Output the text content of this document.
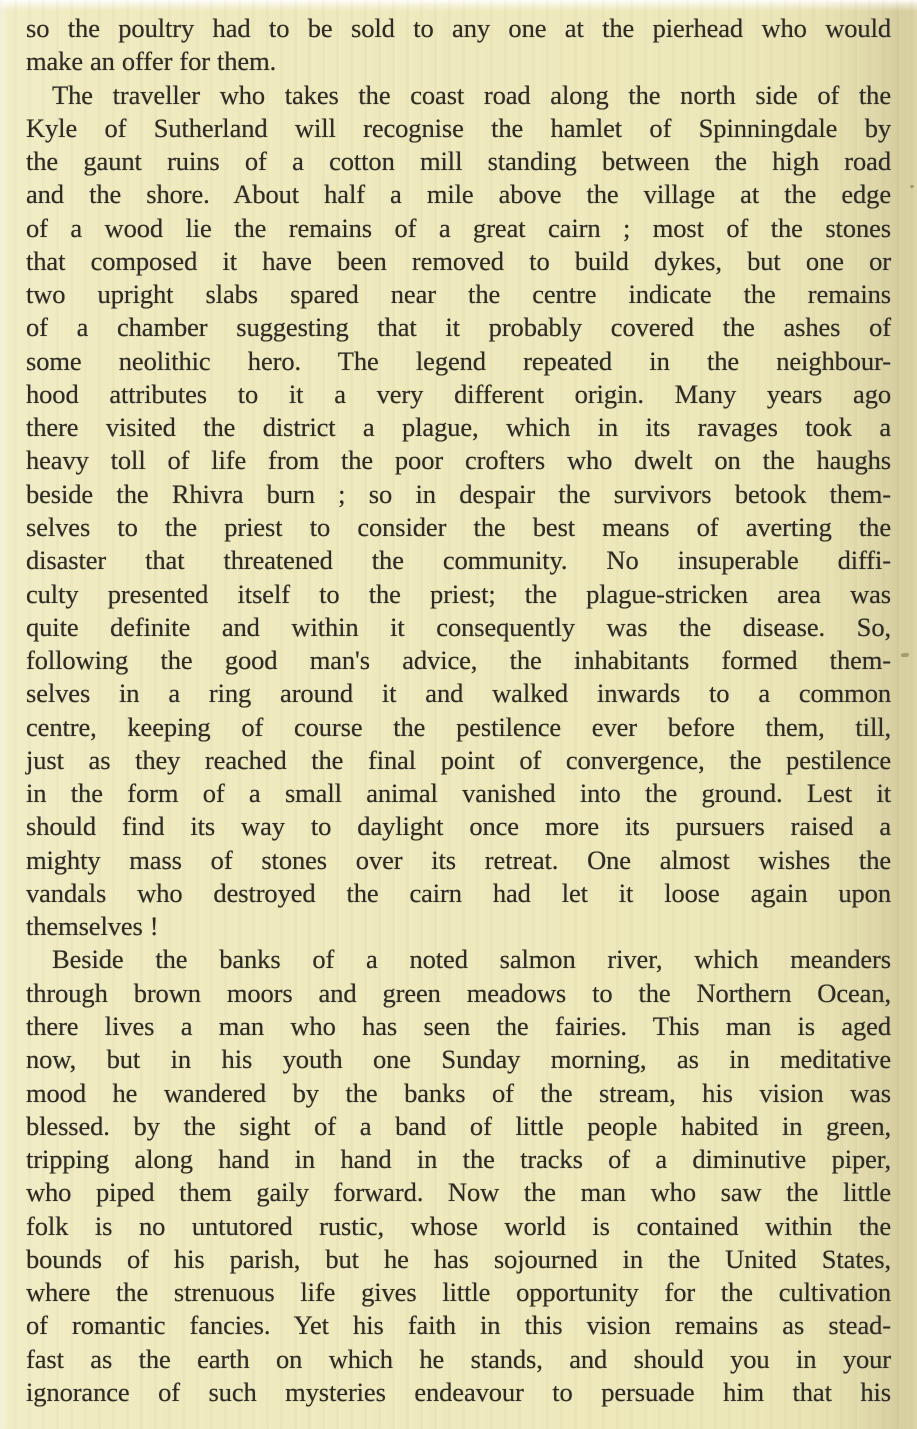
so the poultry had to be sold to any one at the pierhead who would
make an offer for them.
The traveller who takes the coast road along the north side of the
Kyle of Sutherland will recognise the hamlet of Spinningdale by
the gaunt ruins of a cotton mill standing between the high road
and the shore. About half a mile above the village at the edge
of a wood lie the remains of a great cairn ; most of the stones
that composed it have been removed to build dykes, but one or
two upright slabs spared near the centre indicate the remains
of a chamber suggesting that it probably covered the ashes of
some neolithic hero. The legend repeated in the neighbour-
hood attributes to it a very different origin. Many years ago
there visited the district a plague, which in its ravages took a
heavy toll of life from the poor crofters who dwelt on the haughs
beside the Rhivra burn ; so in despair the survivors betook them-
selves to the priest to consider the best means of averting the
disaster that threatened the community. No insuperable diffi-
culty presented itself to the priest; the plague-stricken area was
quite definite and within it consequently was the disease. So,
following the good man's advice, the inhabitants formed them-
selves in a ring around it and walked inwards to a common
centre, keeping of course the pestilence ever before them, till,
just as they reached the final point of convergence, the pestilence
in the form of a small animal vanished into the ground. Lest it
should find its way to daylight once more its pursuers raised a
mighty mass of stones over its retreat. One almost wishes the
vandals who destroyed the cairn had let it loose again upon
themselves !
Beside the banks of a noted salmon river, which meanders
through brown moors and green meadows to the Northern Ocean,
there lives a man who has seen the fairies. This man is aged
now, but in his youth one Sunday morning, as in meditative
mood he wandered by the banks of the stream, his vision was
blessed. by the sight of a band of little people habited in green,
tripping along hand in hand in the tracks of a diminutive piper,
who piped them gaily forward. Now the man who saw the little
folk is no untutored rustic, whose world is contained within the
bounds of his parish, but he has sojourned in the United States,
where the strenuous life gives little opportunity for the cultivation
of romantic fancies. Yet his faith in this vision remains as stead-
fast as the earth on which he stands, and should you in your
ignorance of such mysteries endeavour to persuade him that his
